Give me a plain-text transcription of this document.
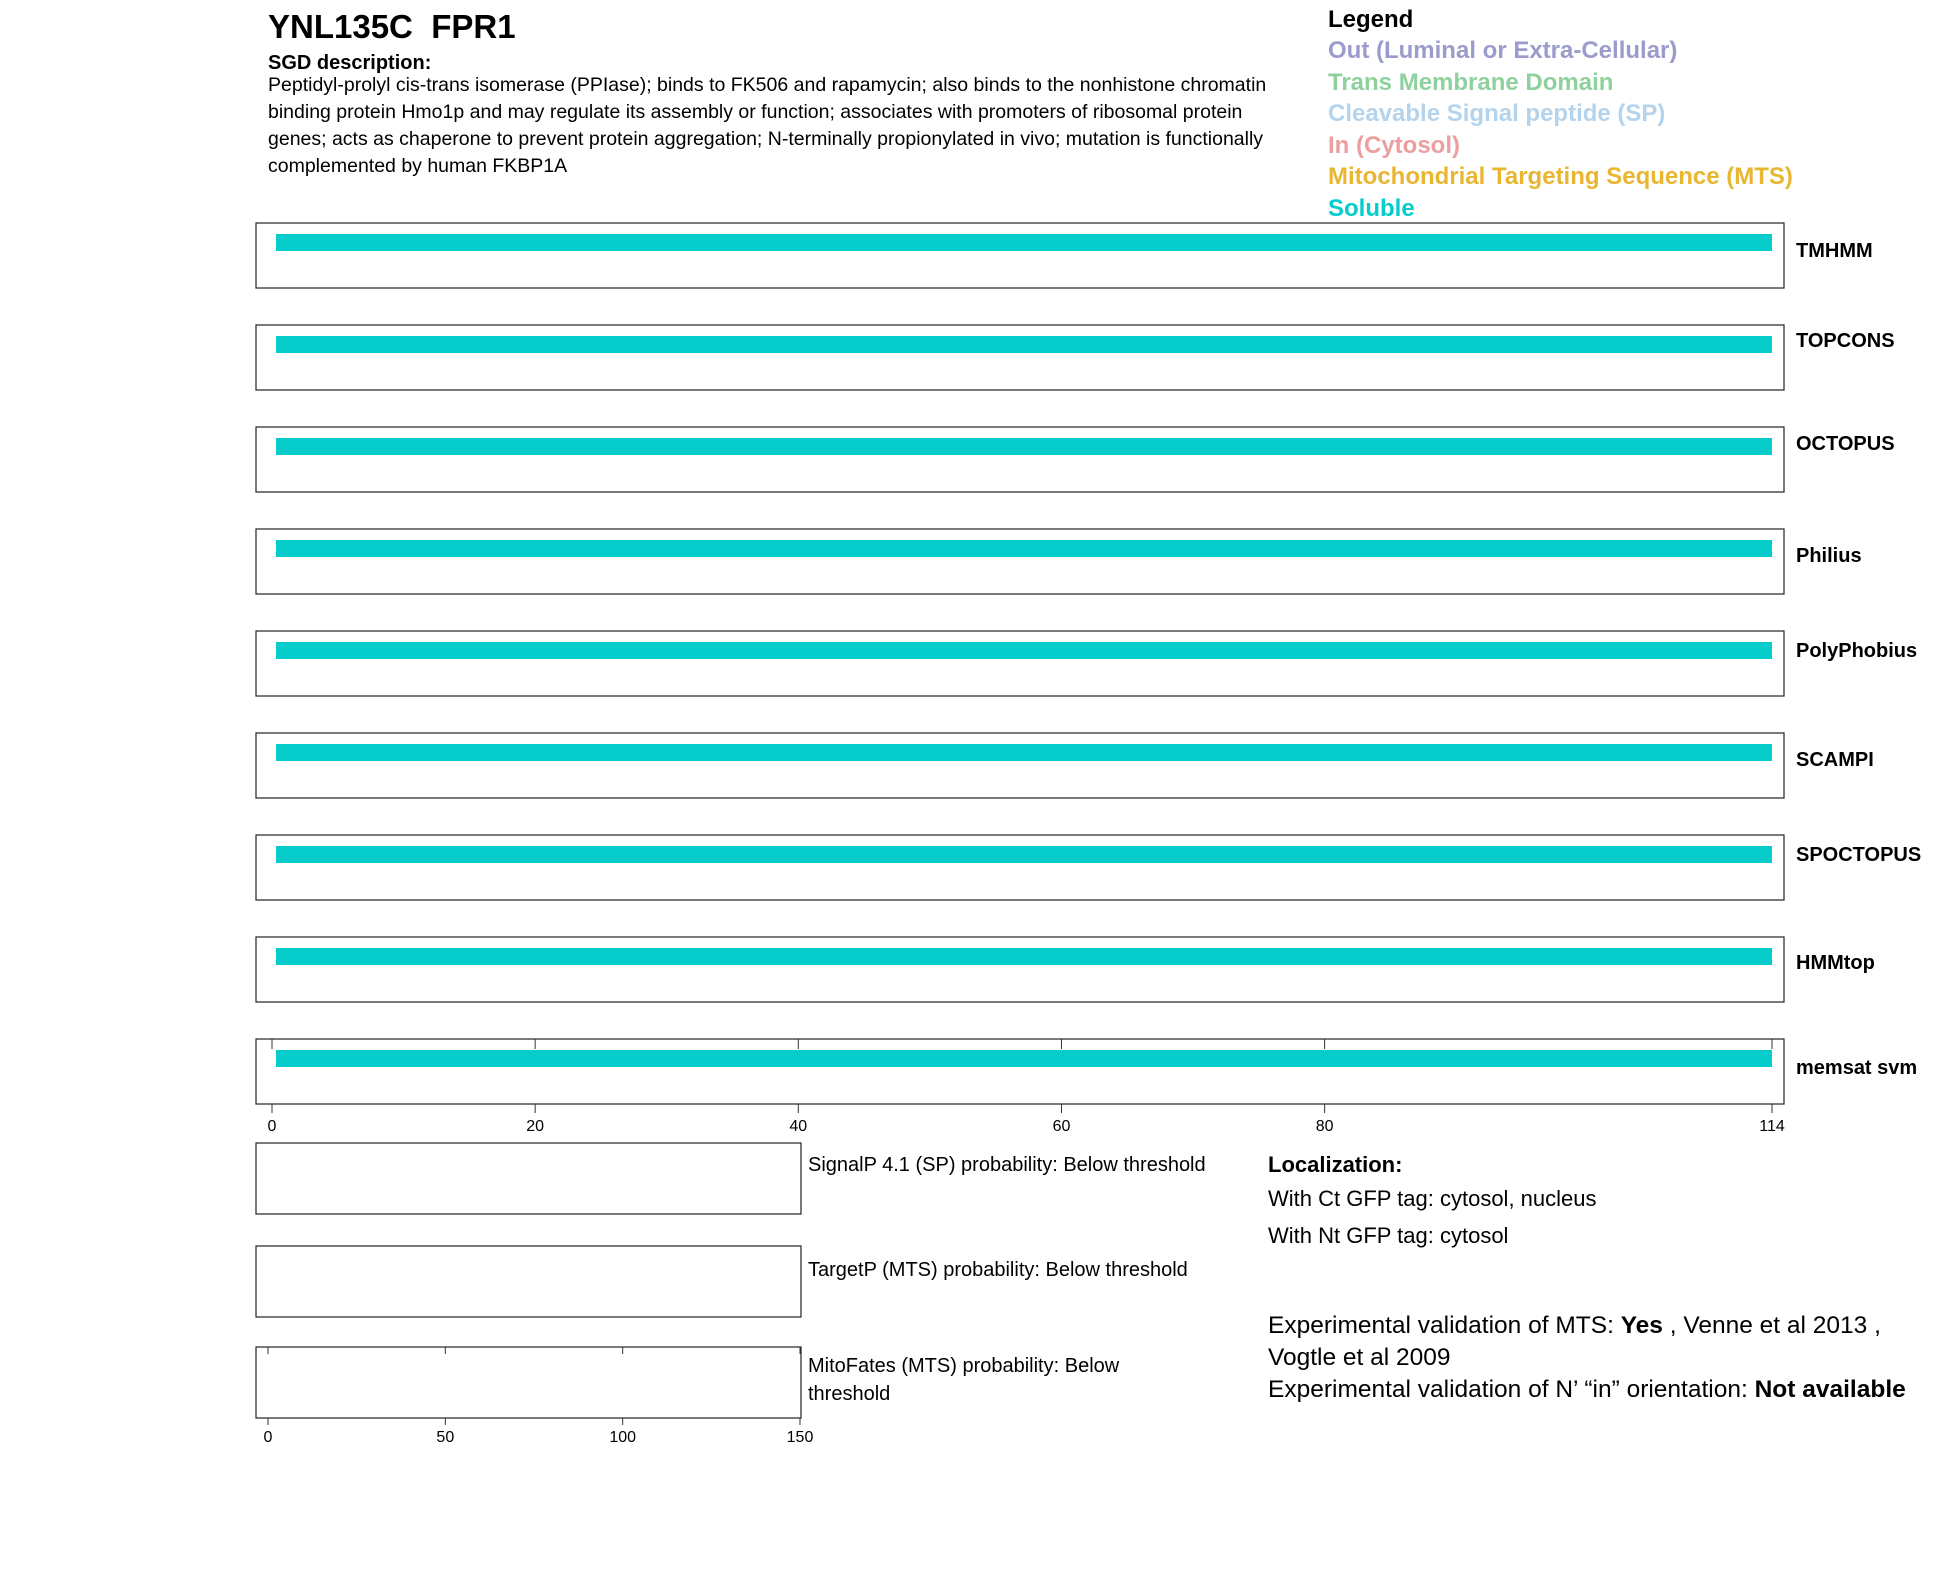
YNL135C FPR1
SGD description:
Peptidyl-prolyl cis-trans isomerase (PPIase); binds to FK506 and rapamycin; also binds to the nonhistone chromatin binding protein Hmo1p and may regulate its assembly or function; associates with promoters of ribosomal protein genes; acts as chaperone to prevent protein aggregation; N-terminally propionylated in vivo; mutation is functionally complemented by human FKBP1A
Legend
Out (Luminal or Extra-Cellular)
Trans Membrane Domain
Cleavable Signal peptide (SP)
In (Cytosol)
Mitochondrial Targeting Sequence (MTS)
Soluble
TMHMM
TOPCONS
OCTOPUS
Philius
PolyPhobius
SCAMPI
SPOCTOPUS
HMMtop
memsat svm
0	20	40	60	80	114
0	50	100	150
SignalP 4.1 (SP) probability: Below threshold
TargetP (MTS) probability: Below threshold
MitoFates (MTS) probability: Below threshold
Localization:
With Ct GFP tag: cytosol, nucleus
With Nt GFP tag: cytosol
Experimental validation of MTS: Yes , Venne et al 2013 , Vogtle et al 2009
Experimental validation of N’ “in” orientation: Not available
